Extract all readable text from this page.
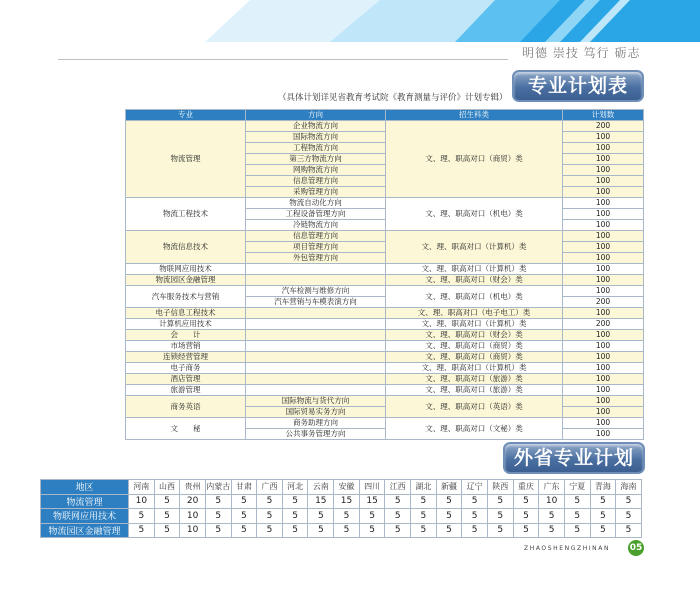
明德 崇技 笃行 砺志
专业计划表
（具体计划详见省教育考试院《教育测量与评价》计划专辑）
专业	方向	招生科类	计划数
物流管理	企业物流方向	文、理、职高对口（商贸）类	200
	国际物流方向		100
	工程物流方向		100
	第三方物流方向		100
	网购物流方向		100
	信息管理方向		100
	采购管理方向		100
物流工程技术	物流自动化方向	文、理、职高对口（机电）类	100
	工程设备管理方向		100
	冷链物流方向		100
物流信息技术	信息管理方向	文、理、职高对口（计算机）类	100
	项目管理方向		100
	外包管理方向		100
物联网应用技术		文、理、职高对口（计算机）类	100
物流园区金融管理		文、理、职高对口（财会）类	100
汽车服务技术与营销	汽车检测与维修方向	文、理、职高对口（机电）类	100
	汽车营销与车模表演方向		200
电子信息工程技术		文、理、职高对口（电子电工）类	100
计算机应用技术		文、理、职高对口（计算机）类	200
会　　计		文、理、职高对口（财会）类	100
市场营销		文、理、职高对口（商贸）类	100
连锁经营管理		文、理、职高对口（商贸）类	100
电子商务		文、理、职高对口（计算机）类	100
酒店管理		文、理、职高对口（旅游）类	100
旅游管理		文、理、职高对口（旅游）类	100
商务英语	国际物流与货代方向	文、理、职高对口（英语）类	100
	国际贸易实务方向		100
文　　秘	商务助理方向	文、理、职高对口（文秘）类	100
	公共事务管理方向		100
外省专业计划
地区	河南	山西	贵州	内蒙古	甘肃	广西	河北	云南	安徽	四川	江西	湖北	新疆	辽宁	陕西	重庆	广东	宁夏	青海	海南
物流管理	10	5	20	5	5	5	5	15	15	15	5	5	5	5	5	5	10	5	5	5
物联网应用技术	5	5	10	5	5	5	5	5	5	5	5	5	5	5	5	5	5	5	5	5
物流园区金融管理	5	5	10	5	5	5	5	5	5	5	5	5	5	5	5	5	5	5	5	5
ZHAOSHENGZHINAN 05
